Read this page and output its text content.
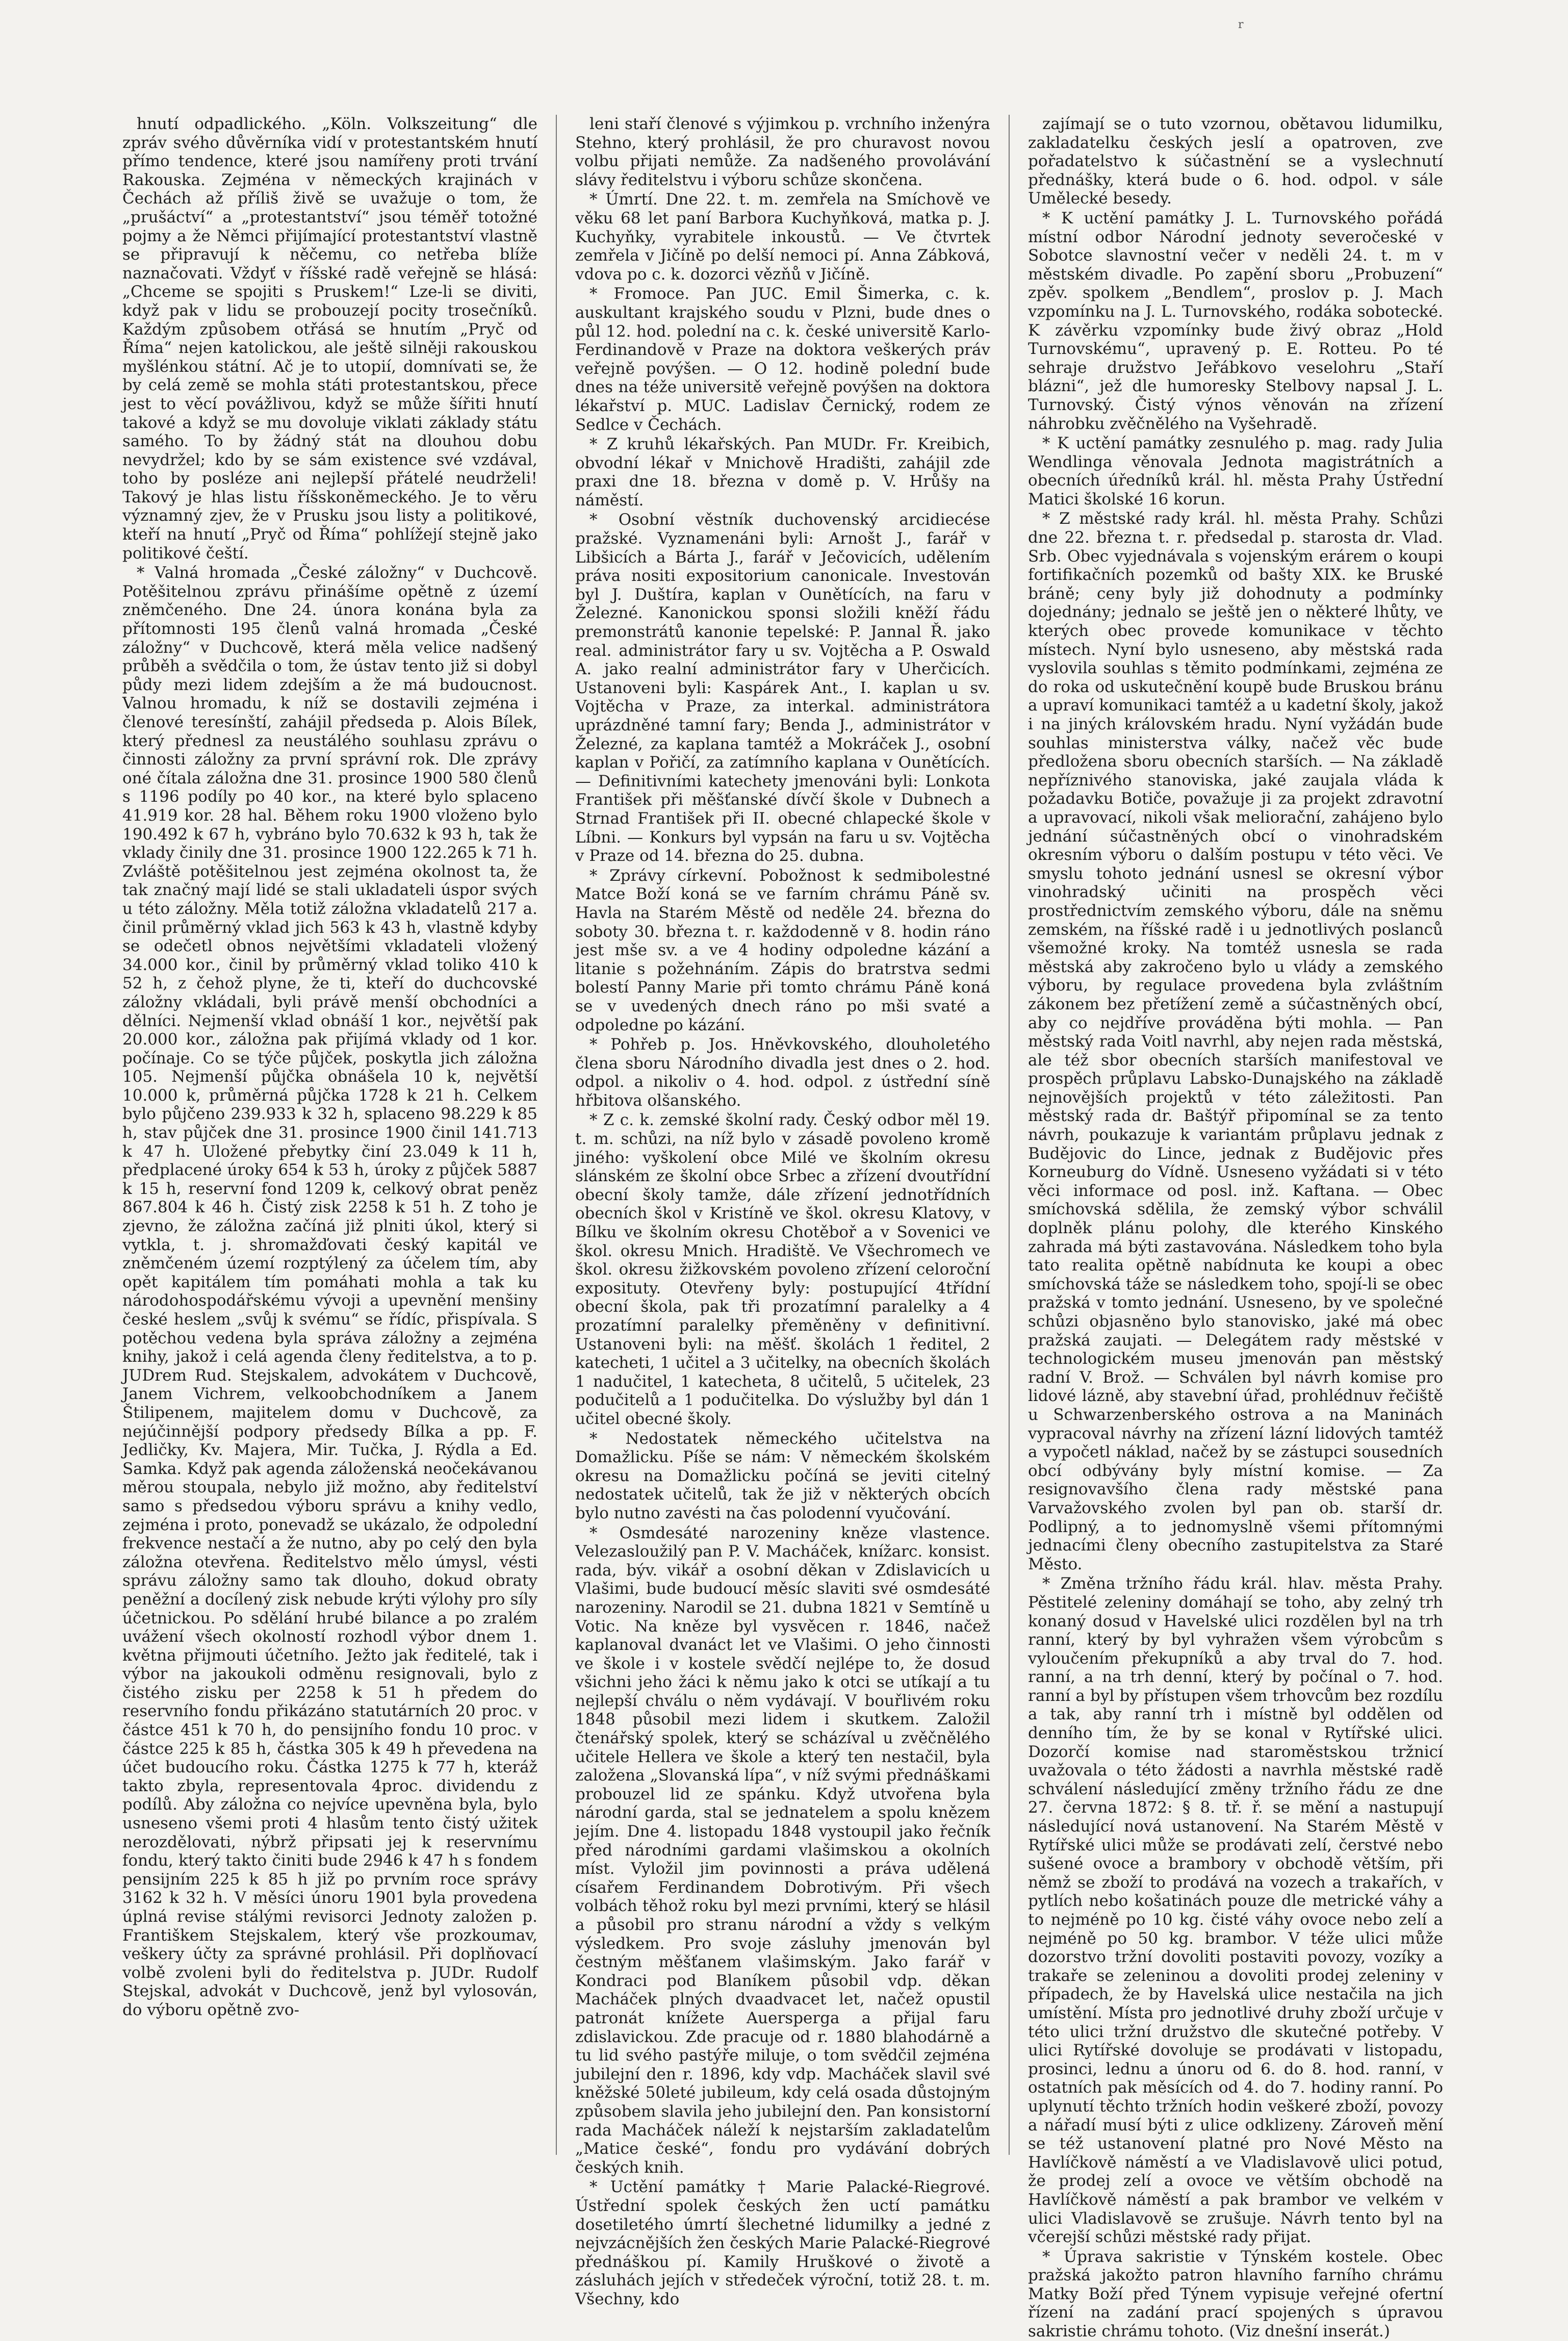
r

hnutí odpadlického. „Köln. Volkszeitung“ dle zpráv svého důvěrníka vidí v protestantském hnutí přímo tendence, které jsou namířeny proti trvání Rakouska. Zejména v německých krajinách v Čechách až příliš živě se uvažuje o tom, že „prušáctví“ a „protestantství“ jsou téměř totožné pojmy a že Němci přijímající protestantství vlastně se připravují k něčemu, co netřeba blíže naznačovati. Vždyť v říšské radě veřejně se hlásá: „Chceme se spojiti s Pruskem!“ Lze-li se diviti, když pak v lidu se probouzejí pocity trosečníků. Každým způsobem otřásá se hnutím „Pryč od Říma“ nejen katolickou, ale ještě silněji rakouskou myšlénkou státní. Ač je to utopií, domnívati se, že by celá země se mohla státi protestantskou, přece jest to věcí povážlivou, když se může šířiti hnutí takové a když se mu dovoluje viklati základy státu samého. To by žádný stát na dlouhou dobu nevydržel; kdo by se sám existence své vzdával, toho by posléze ani nejlepší přátelé neudrželi! Takový je hlas listu říšskoněmeckého. Je to věru významný zjev, že v Prusku jsou listy a politikové, kteří na hnutí „Pryč od Říma“ pohlížejí stejně jako politikové čeští.

* Valná hromada „České záložny“ v Duchcově. Potěšitelnou zprávu přinášíme opětně z území zněmčeného. Dne 24. února konána byla za přítomnosti 195 členů valná hromada „České záložny“ v Duchcově, která měla velice nadšený průběh a svědčila o tom, že ústav tento již si dobyl půdy mezi lidem zdejším a že má budoucnost. Valnou hromadu, k níž se dostavili zejména i členové teresínští, zahájil předseda p. Alois Bílek, který přednesl za neustálého souhlasu zprávu o činnosti záložny za první správní rok. Dle zprávy oné čítala záložna dne 31. prosince 1900 580 členů s 1196 podíly po 40 kor., na které bylo splaceno 41.919 kor. 28 hal. Během roku 1900 vloženo bylo 190.492 k 67 h, vybráno bylo 70.632 k 93 h, tak že vklady činily dne 31. prosince 1900 122.265 k 71 h. Zvláště potěšitelnou jest zejména okolnost ta, že tak značný mají lidé se stali ukladateli úspor svých u této záložny. Měla totiž záložna vkladatelů 217 a. činil průměrný vklad jich 563 k 43 h, vlastně kdyby se odečetl obnos největšími vkladateli vložený 34.000 kor., činil by průměrný vklad toliko 410 k 52 h, z čehož plyne, že ti, kteří do duchcovské záložny vkládali, byli právě menší obchodníci a dělníci. Nejmenší vklad obnáší 1 kor., největší pak 20.000 kor., záložna pak přijímá vklady od 1 kor. počínaje. Co se týče půjček, poskytla jich záložna 105. Nejmenší půjčka obnášela 10 k, největší 10.000 k, průměrná půjčka 1728 k 21 h. Celkem bylo půjčeno 239.933 k 32 h, splaceno 98.229 k 85 h, stav půjček dne 31. prosince 1900 činil 141.713 k 47 h. Uložené přebytky činí 23.049 k 11 h, předplacené úroky 654 k 53 h, úroky z půjček 5887 k 15 h, reservní fond 1209 k, celkový obrat peněz 867.804 k 46 h. Čistý zisk 2258 k 51 h. Z toho je zjevno, že záložna začíná již plniti úkol, který si vytkla, t. j. shromažďovati český kapitál ve zněmčeném území rozptýlený za účelem tím, aby opět kapitálem tím pomáhati mohla a tak ku národohospodářskému vývoji a upevnění menšiny české heslem „svůj k svému“ se řídíc, přispívala. S potěchou vedena byla správa záložny a zejména knihy, jakož i celá agenda členy ředitelstva, a to p. JUDrem Rud. Stejskalem, advokátem v Duchcově, Janem Vichrem, velkoobchodníkem a Janem Štilipenem, majitelem domu v Duchcově, za nejúčinnější podpory předsedy Bílka a pp. F. Jedličky, Kv. Majera, Mir. Tučka, J. Rýdla a Ed. Samka. Když pak agenda záloženská neočekávanou měrou stoupala, nebylo již možno, aby ředitelství samo s předsedou výboru správu a knihy vedlo, zejména i proto, ponevadž se ukázalo, že odpolední frekvence nestačí a že nutno, aby po celý den byla záložna otevřena. Ředitelstvo mělo úmysl, vésti správu záložny samo tak dlouho, dokud obraty peněžní a docílený zisk nebude krýti výlohy pro síly účetnickou. Po sdělání hrubé bilance a po zralém uvážení všech okolností rozhodl výbor dnem 1. května přijmouti účetního. Ježto jak ředitelé, tak i výbor na jakoukoli odměnu resignovali, bylo z čistého zisku per 2258 k 51 h předem do reservního fondu přikázáno statutárních 20 proc. v částce 451 k 70 h, do pensijního fondu 10 proc. v částce 225 k 85 h, částka 305 k 49 h převedena na účet budoucího roku. Částka 1275 k 77 h, kteráž takto zbyla, representovala 4proc. dividendu z podílů. Aby záložna co nejvíce upevněna byla, bylo usneseno všemi proti 4 hlasům tento čistý užitek nerozdělovati, nýbrž připsati jej k reservnímu fondu, který takto činiti bude 2946 k 47 h s fondem pensijním 225 k 85 h již po prvním roce správy 3162 k 32 h. V měsíci únoru 1901 byla provedena úplná revise stálými revisorci Jednoty založen p. Františkem Stejskalem, který vše prozkoumav, veškery účty za správné prohlásil. Při doplňovací volbě zvoleni byli do ředitelstva p. JUDr. Rudolf Stejskal, advokát v Duchcově, jenž byl vylosován, do výboru opětně zvo-

leni staří členové s výjimkou p. vrchního inženýra Stehno, který prohlásil, že pro churavost novou volbu přijati nemůže. Za nadšeného provolávání slávy ředitelstvu i výboru schůze skončena.

* Úmrtí. Dne 22. t. m. zemřela na Smíchově ve věku 68 let paní Barbora Kuchyňková, matka p. J. Kuchyňky, vyrabitele inkoustů. — Ve čtvrtek zemřela v Jičíně po delší nemoci pí. Anna Zábková, vdova po c. k. dozorci vězňů v Jičíně.

* Fromoce. Pan JUC. Emil Šimerka, c. k. auskultant krajského soudu v Plzni, bude dnes o půl 12. hod. polední na c. k. české universitě Karlo-Ferdinandově v Praze na doktora veškerých práv veřejně povýšen. — O 12. hodině polední bude dnes na téže universitě veřejně povýšen na doktora lékařství p. MUC. Ladislav Černický, rodem ze Sedlce v Čechách.

* Z kruhů lékařských. Pan MUDr. Fr. Kreibich, obvodní lékař v Mnichově Hradišti, zahájil zde praxi dne 18. března v domě p. V. Hrůšy na náměstí.

* Osobní věstník duchovenský arcidiecése pražské. Vyznamenáni byli: Arnošt J., farář v Libšicích a Bárta J., farář v Ječovicích, udělením práva nositi expositorium canonicale. Investován byl J. Duštíra, kaplan v Ounětících, na faru v Železné. Kanonickou sponsi složili kněží řádu premonstrátů kanonie tepelské: P. Jannal Ř. jako real. administrátor fary u sv. Vojtěcha a P. Oswald A. jako realní administrátor fary v Uherčicích. Ustanoveni byli: Kaspárek Ant., I. kaplan u sv. Vojtěcha v Praze, za interkal. administrátora uprázdněné tamní fary; Benda J., administrátor v Železné, za kaplana tamtéž a Mokráček J., osobní kaplan v Pořičí, za zatímního kaplana v Ounětících. — Definitivními katechety jmenováni byli: Lonkota František při měšťanské dívčí škole v Dubnech a Strnad František při II. obecné chlapecké škole v Líbni. — Konkurs byl vypsán na faru u sv. Vojtěcha v Praze od 14. března do 25. dubna.

* Zprávy církevní. Pobožnost k sedmibolestné Matce Boží koná se ve farním chrámu Páně sv. Havla na Starém Městě od neděle 24. března do soboty 30. března t. r. každodenně v 8. hodin ráno jest mše sv. a ve 4 hodiny odpoledne kázání a litanie s požehnáním. Zápis do bratrstva sedmi bolestí Panny Marie při tomto chrámu Páně koná se v uvedených dnech ráno po mši svaté a odpoledne po kázání.

* Pohřeb p. Jos. Hněvkovského, dlouholetého člena sboru Národního divadla jest dnes o 2. hod. odpol. a nikoliv o 4. hod. odpol. z ústřední síně hřbitova olšanského.

* Z c. k. zemské školní rady. Český odbor měl 19. t. m. schůzi, na níž bylo v zásadě povoleno kromě jiného: vyškolení obce Milé ve školním okresu slánském ze školní obce Srbec a zřízení dvoutřídní obecní školy tamže, dále zřízení jednotřídních obecních škol v Kristíně ve škol. okresu Klatovy, v Bílku ve školním okresu Chotěboř a v Sovenici ve škol. okresu Mnich. Hradiště. Ve Všechromech ve škol. okresu žižkovském povoleno zřízení celoroční exposituty. Otevřeny byly: postupující 4třídní obecní škola, pak tři prozatímní paralelky a 4 prozatímní paralelky přeměněny v definitivní. Ustanoveni byli: na měšť. školách 1 ředitel, 2 katecheti, 1 učitel a 3 učitelky, na obecních školách 1 nadučitel, 1 katecheta, 8 učitelů, 5 učitelek, 23 podučitelů a 1 podučitelka. Do výslužby byl dán 1 učitel obecné školy.

* Nedostatek německého učitelstva na Domažlicku. Píše se nám: V německém školském okresu na Domažlicku počíná se jeviti citelný nedostatek učitelů, tak že již v některých obcích bylo nutno zavésti na čas polodenní vyučování.

* Osmdesáté narozeniny kněze vlastence. Velezasloužilý pan P. V. Macháček, knížarc. konsist. rada, býv. vikář a osobní děkan v Zdislavicích u Vlašimi, bude budoucí měsíc slaviti své osmdesáté narozeniny. Narodil se 21. dubna 1821 v Semtíně u Votic. Na kněze byl vysvěcen r. 1846, načež kaplanoval dvanáct let ve Vlašimi. O jeho činnosti ve škole i v kostele svědčí nejlépe to, že dosud všichni jeho žáci k němu jako k otci se utíkají a tu nejlepší chválu o něm vydávají. V bouřlivém roku 1848 působil mezi lidem i skutkem. Založil čtenářský spolek, který se scházíval u zvěčnělého učitele Hellera ve škole a který ten nestačil, byla založena „Slovanská lípa“, v níž svými přednáškami probouzel lid ze spánku. Když utvořena byla národní garda, stal se jednatelem a spolu knězem jejím. Dne 4. listopadu 1848 vystoupil jako řečník před národními gardami vlašimskou a okolních míst. Vyložil jim povinnosti a práva udělená císařem Ferdinandem Dobrotivým. Při všech volbách těhož roku byl mezi prvními, který se hlásil a působil pro stranu národní a vždy s velkým výsledkem. Pro svoje zásluhy jmenován byl čestným měšťanem vlašimským. Jako farář v Kondraci pod Blaníkem působil vdp. děkan Macháček plných dvaadvacet let, načež opustil patronát knížete Auersperga a přijal faru zdislavickou. Zde pracuje od r. 1880 blahodárně a tu lid svého pastýře miluje, o tom svědčil zejména jubilejní den r. 1896, kdy vdp. Macháček slavil své kněžské 50leté jubileum, kdy celá osada důstojným způsobem slavila jeho jubilejní den. Pan konsistorní rada Macháček náleží k nejstarším zakladatelům „Matice české“, fondu pro vydávání dobrých českých knih.

* Uctění památky † Marie Palacké-Riegrové. Ústřední spolek českých žen uctí památku dosetiletého úmrtí šlechetné lidumilky a jedné z nejvzácnějších žen českých Marie Palacké-Riegrové přednáškou pí. Kamily Hruškové o životě a zásluhách jejích v středeček výroční, totiž 28. t. m. Všechny, kdo

zajímají se o tuto vzornou, obětavou lidumilku, zakladatelku českých jeslí a opatroven, zve pořadatelstvo k súčastnění se a vyslechnutí přednášky, která bude o 6. hod. odpol. v sále Umělecké besedy.

* K uctění památky J. L. Turnovského pořádá místní odbor Národní jednoty severočeské v Sobotce slavnostní večer v neděli 24. t. m v městském divadle. Po zapění sboru „Probuzení“ zpěv. spolkem „Bendlem“, proslov p. J. Mach vzpomínku na J. L. Turnovského, rodáka sobotecké. K závěrku vzpomínky bude živý obraz „Hold Turnovskému“, upravený p. E. Rotteu. Po té sehraje družstvo Jeřábkovo veselohru „Staří blázni“, jež dle humoresky Stelbovy napsal J. L. Turnovský. Čistý výnos věnován na zřízení náhrobku zvěčnělého na Vyšehradě.

* K uctění památky zesnulého p. mag. rady Julia Wendlinga věnovala Jednota magistrátních a obecních úředníků král. hl. města Prahy Ústřední Matici školské 16 korun.

* Z městské rady král. hl. města Prahy. Schůzi dne 22. března t. r. předsedal p. starosta dr. Vlad. Srb. Obec vyjednávala s vojenským erárem o koupi fortifikačních pozemků od bašty XIX. ke Bruské bráně; ceny byly již dohodnuty a podmínky dojednány; jednalo se ještě jen o některé lhůty, ve kterých obec provede komunikace v těchto místech. Nyní bylo usneseno, aby městská rada vyslovila souhlas s těmito podmínkami, zejména ze do roka od uskutečnění koupě bude Bruskou bránu a upraví komunikaci tamtéž a u kadetní školy, jakož i na jiných královském hradu. Nyní vyžádán bude souhlas ministerstva války, načež věc bude předložena sboru obecních starších. — Na základě nepříznivého stanoviska, jaké zaujala vláda k požadavku Botiče, považuje ji za projekt zdravotní a upravovací, nikoli však meliorační, zahájeno bylo jednání súčastněných obcí o vinohradském okresním výboru o dalším postupu v této věci. Ve smyslu tohoto jednání usnesl se okresní výbor vinohradský učiniti na prospěch věci prostřednictvím zemského výboru, dále na sněmu zemském, na říšské radě i u jednotlivých poslanců všemožné kroky. Na tomtéž usnesla se rada městská aby zakročeno bylo u vlády a zemského výboru, by regulace provedena byla zvláštním zákonem bez přetížení země a súčastněných obcí, aby co nejdříve prováděna býti mohla. — Pan městský rada Voitl navrhl, aby nejen rada městská, ale též sbor obecních starších manifestoval ve prospěch průplavu Labsko-Dunajského na základě nejnovějších projektů v této záležitosti. Pan městský rada dr. Baštýř připomínal se za tento návrh, poukazuje k variantám průplavu jednak z Budějovic do Lince, jednak z Budějovic přes Korneuburg do Vídně. Usneseno vyžádati si v této věci informace od posl. inž. Kaftana. — Obec smíchovská sdělila, že zemský výbor schválil doplněk plánu polohy, dle kterého Kinského zahrada má býti zastavována. Následkem toho byla tato realita opětně nabídnuta ke koupi a obec smíchovská táže se následkem toho, spojí-li se obec pražská v tomto jednání. Usneseno, by ve společné schůzi objasněno bylo stanovisko, jaké má obec pražská zaujati. — Delegátem rady městské v technologickém museu jmenován pan městský radní V. Brož. — Schválen byl návrh komise pro lidové lázně, aby stavební úřad, prohlédnuv řečiště u Schwarzenberského ostrova a na Maninách vypracoval návrhy na zřízení lázní lidových tamtéž a vypočetl náklad, načež by se zástupci sousedních obcí odbývány byly místní komise. — Za resignovavšího člena rady městské pana Varvažovského zvolen byl pan ob. starší dr. Podlipný, a to jednomyslně všemi přítomnými jednacími členy obecního zastupitelstva za Staré Město.

* Změna tržního řádu král. hlav. města Prahy. Pěstitelé zeleniny domáhají se toho, aby zelný trh konaný dosud v Havelské ulici rozdělen byl na trh ranní, který by byl vyhražen všem výrobcům s vyloučením překupníků a aby trval do 7. hod. ranní, a na trh denní, který by počínal o 7. hod. ranní a byl by přístupen všem trhovcům bez rozdílu a tak, aby ranní trh i místně byl oddělen od denního tím, že by se konal v Rytířské ulici. Dozorčí komise nad staroměstskou tržnicí uvažovala o této žádosti a navrhla městské radě schválení následující změny tržního řádu ze dne 27. června 1872: § 8. tř. ř. se mění a nastupují následující nová ustanovení. Na Starém Městě v Rytířské ulici může se prodávati zelí, čerstvé nebo sušené ovoce a brambory v obchodě větším, při němž se zboží to prodává na vozech a trakařích, v pytlích nebo košatinách pouze dle metrické váhy a to nejméně po 10 kg. čisté váhy ovoce nebo zelí a nejméně po 50 kg. brambor. V téže ulici může dozorstvo tržní dovoliti postaviti povozy, vozíky a trakaře se zeleninou a dovoliti prodej zeleniny v případech, že by Havelská ulice nestačila na jich umístění. Místa pro jednotlivé druhy zboží určuje v této ulici tržní družstvo dle skutečné potřeby. V ulici Rytířské dovoluje se prodávati v listopadu, prosinci, lednu a únoru od 6. do 8. hod. ranní, v ostatních pak měsících od 4. do 7. hodiny ranní. Po uplynutí těchto tržních hodin veškeré zboží, povozy a nářadí musí býti z ulice odklizeny. Zároveň mění se též ustanovení platné pro Nové Město na Havlíčkově náměstí a ve Vladislavově ulici potud, že prodej zelí a ovoce ve větším obchodě na Havlíčkově náměstí a pak brambor ve velkém v ulici Vladislavově se zrušuje. Návrh tento byl na včerejší schůzi městské rady přijat.

* Úprava sakristie v Týnském kostele. Obec pražská jakožto patron hlavního farního chrámu Matky Boží před Týnem vypisuje veřejné ofertní řízení na zadání prací spojených s úpravou sakristie chrámu tohoto. (Viz dnešní inserát.)
